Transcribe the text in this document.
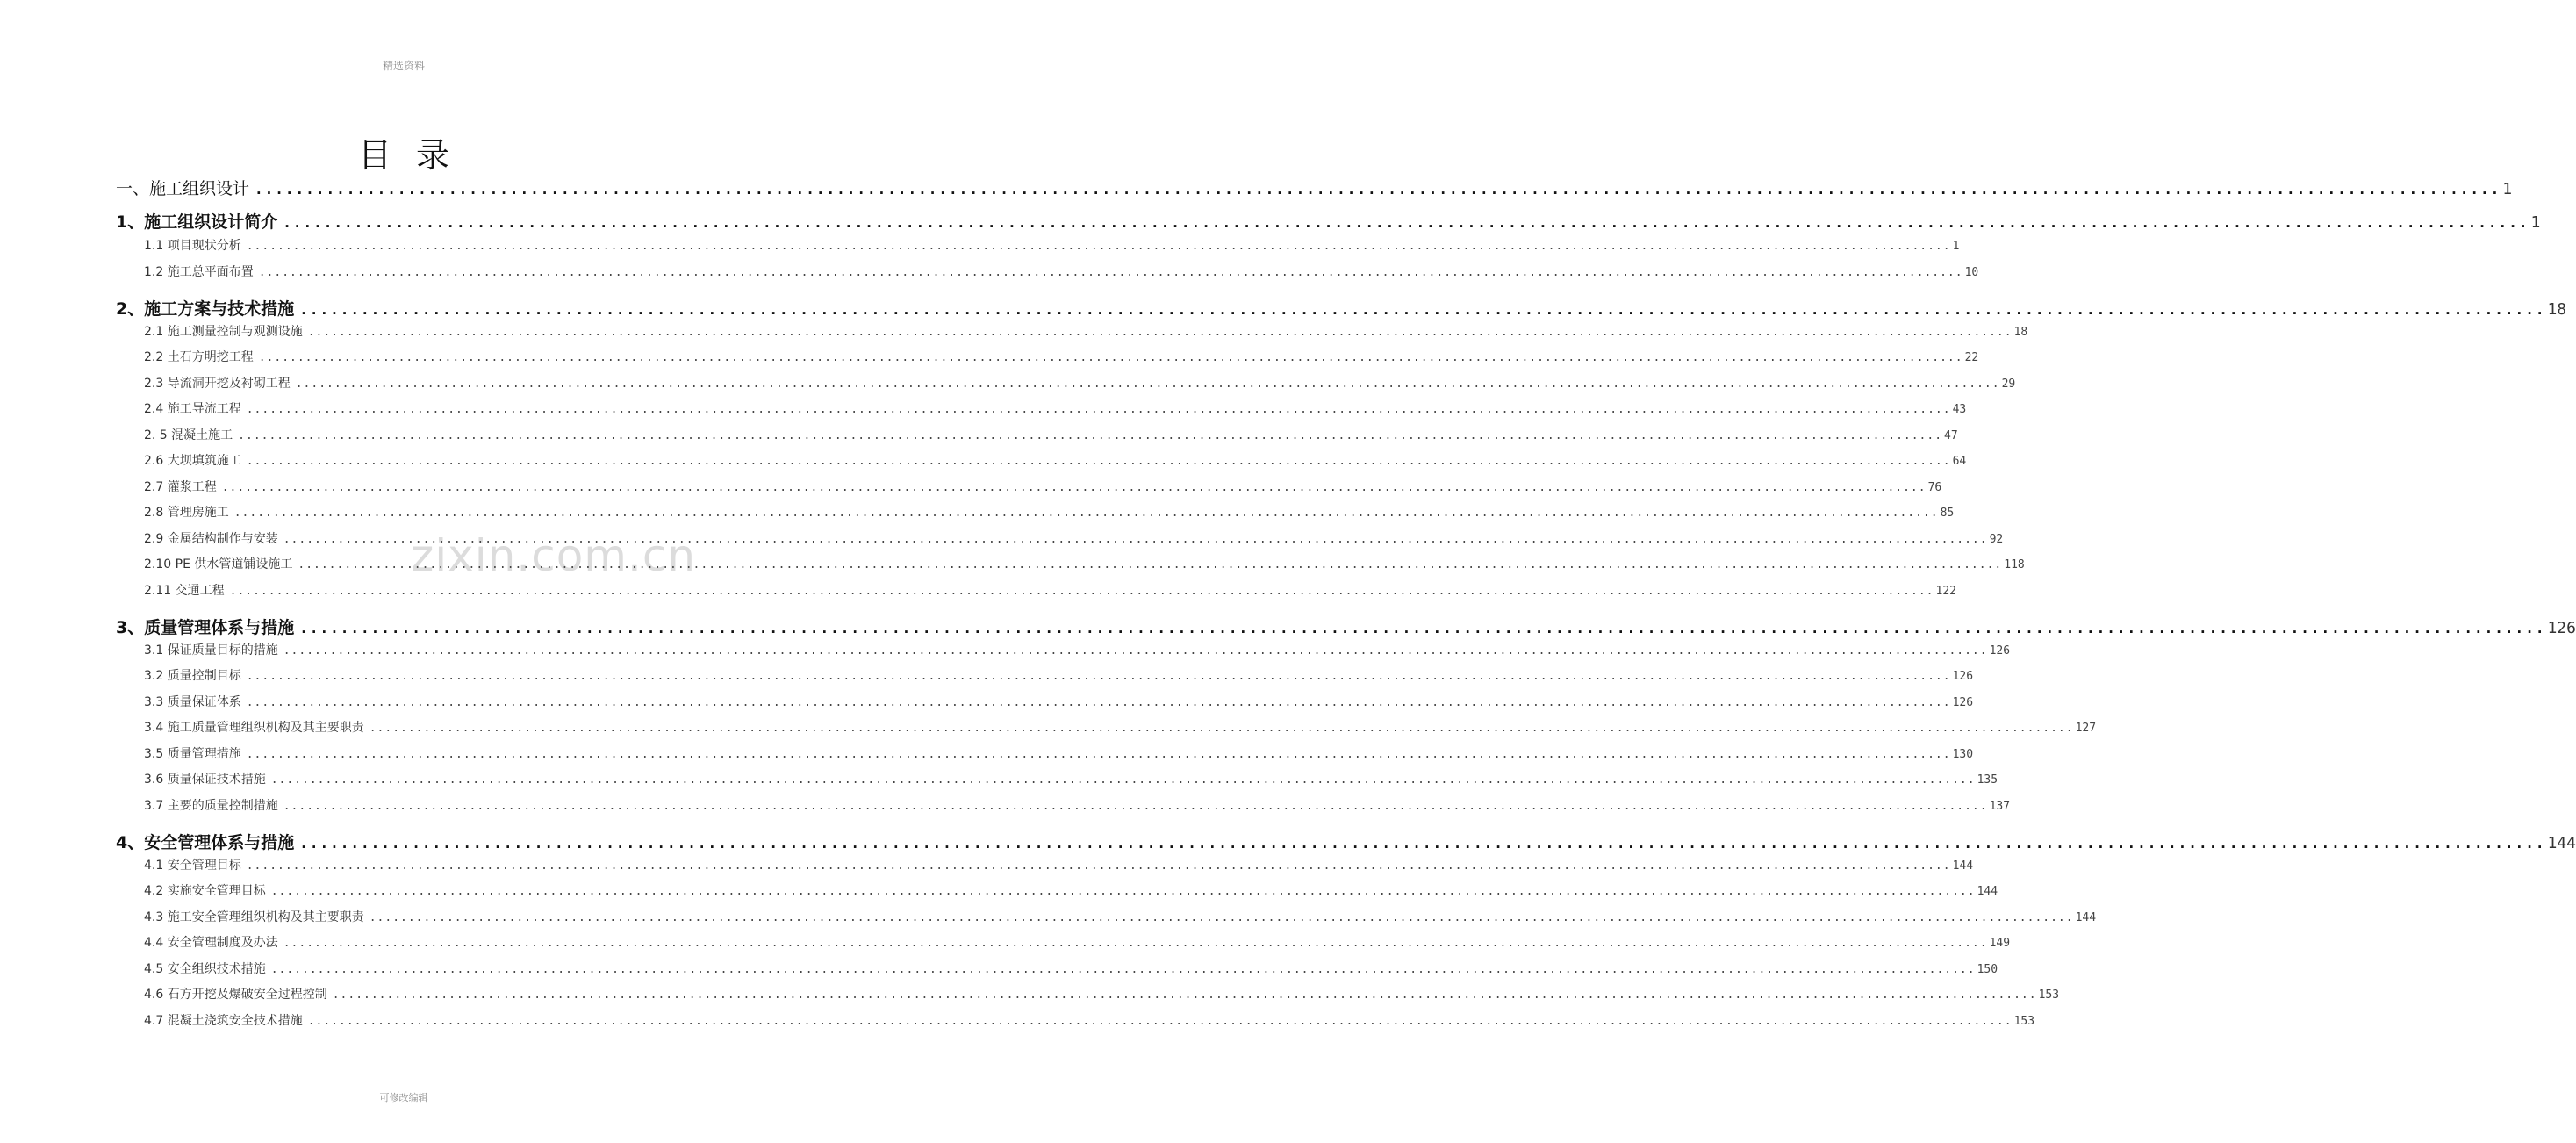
精选资料
目录
zixin.com.cn
一、施工组织设计 ............................................................................................................................................................................................................................ 1
1、施工组织设计简介 ............................................................................................................................................................................................................................ 1
1.1 项目现状分析 ............................................................................................................................................................................................................................ 1
1.2 施工总平面布置 ............................................................................................................................................................................................................................ 10
2、施工方案与技术措施 ............................................................................................................................................................................................................................ 18
2.1 施工测量控制与观测设施 ............................................................................................................................................................................................................................ 18
2.2 土石方明挖工程 ............................................................................................................................................................................................................................ 22
2.3 导流洞开挖及衬砌工程 ............................................................................................................................................................................................................................ 29
2.4 施工导流工程 ............................................................................................................................................................................................................................ 43
2. 5 混凝土施工 ............................................................................................................................................................................................................................ 47
2.6 大坝填筑施工 ............................................................................................................................................................................................................................ 64
2.7 灌浆工程 ............................................................................................................................................................................................................................ 76
2.8 管理房施工 ............................................................................................................................................................................................................................ 85
2.9 金属结构制作与安装 ............................................................................................................................................................................................................................ 92
2.10 PE 供水管道铺设施工 ............................................................................................................................................................................................................................ 118
2.11 交通工程 ............................................................................................................................................................................................................................ 122
3、质量管理体系与措施 ............................................................................................................................................................................................................................ 126
3.1 保证质量目标的措施 ............................................................................................................................................................................................................................ 126
3.2 质量控制目标 ............................................................................................................................................................................................................................ 126
3.3 质量保证体系 ............................................................................................................................................................................................................................ 126
3.4 施工质量管理组织机构及其主要职责 ............................................................................................................................................................................................................................ 127
3.5 质量管理措施 ............................................................................................................................................................................................................................ 130
3.6 质量保证技术措施 ............................................................................................................................................................................................................................ 135
3.7 主要的质量控制措施 ............................................................................................................................................................................................................................ 137
4、安全管理体系与措施 ............................................................................................................................................................................................................................ 144
4.1 安全管理目标 ............................................................................................................................................................................................................................ 144
4.2 实施安全管理目标 ............................................................................................................................................................................................................................ 144
4.3 施工安全管理组织机构及其主要职责 ............................................................................................................................................................................................................................ 144
4.4 安全管理制度及办法 ............................................................................................................................................................................................................................ 149
4.5 安全组织技术措施 ............................................................................................................................................................................................................................ 150
4.6 石方开挖及爆破安全过程控制 ............................................................................................................................................................................................................................ 153
4.7 混凝土浇筑安全技术措施 ............................................................................................................................................................................................................................ 153
可修改编辑
